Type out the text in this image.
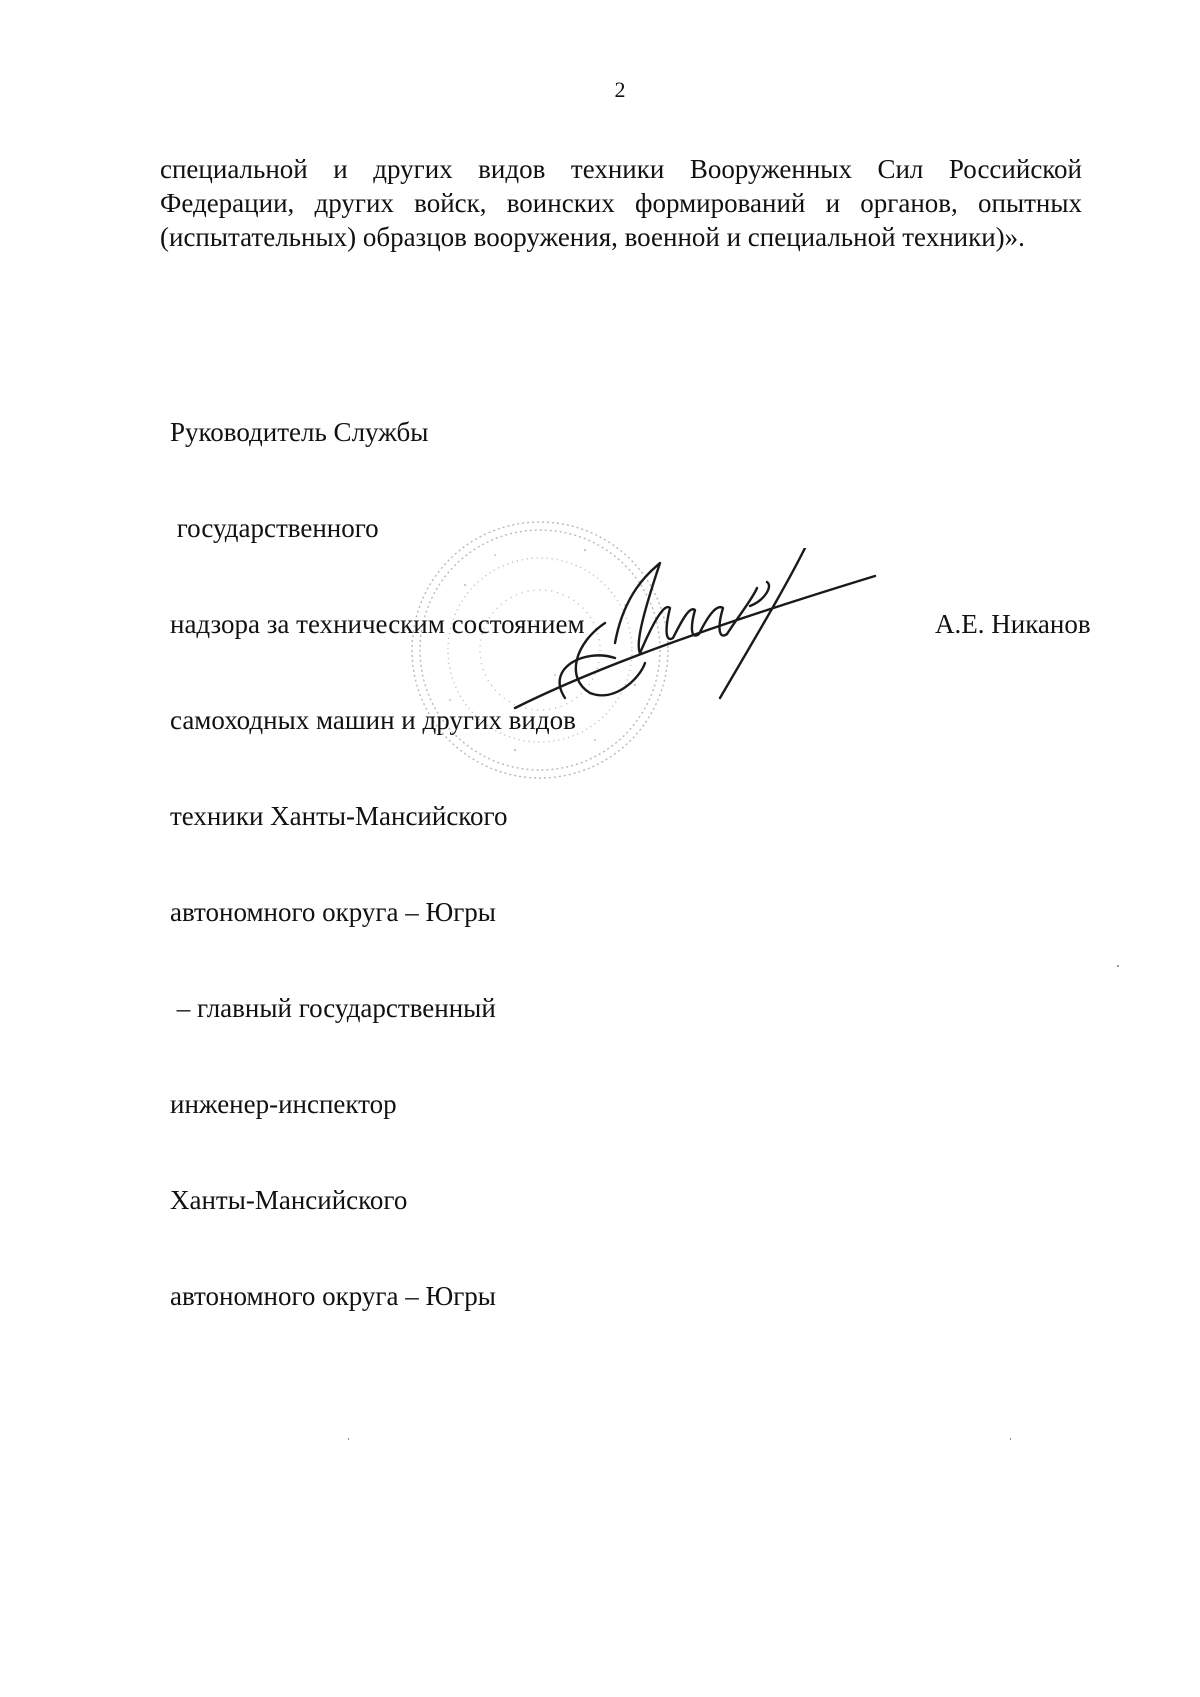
2
специальной и других видов техники Вооруженных Сил Российской
Федерации, других войск, воинских формирований и органов, опытных
(испытательных) образцов вооружения, военной и специальной техники)».

Руководитель Службы

государственного

надзора за техническим состоянием

самоходных машин и других видов

техники Ханты-Мансийского

автономного округа – Югры

– главный государственный

инженер-инспектор

Ханты-Мансийского

автономного округа – Югры

А.Е. Никанов
